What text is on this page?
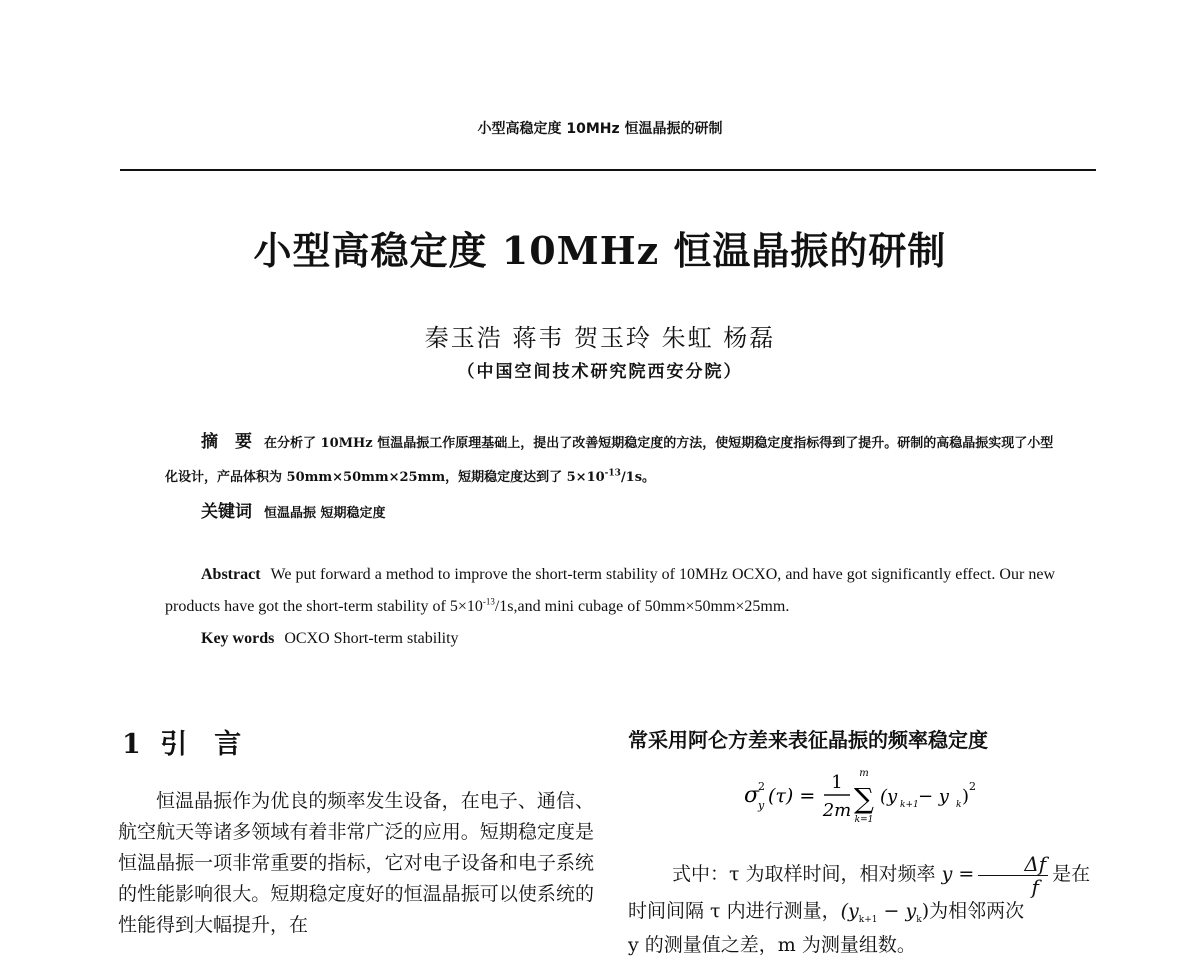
小型高稳定度 10MHz 恒温晶振的研制
小型高稳定度 10MHz 恒温晶振的研制
秦玉浩 蒋韦 贺玉玲 朱虹 杨磊
（中国空间技术研究院西安分院）
摘　要 在分析了 10MHz 恒温晶振工作原理基础上，提出了改善短期稳定度的方法，使短期稳定度指标得到了提升。研制的高稳晶振实现了小型化设计，产品体积为 50mm×50mm×25mm，短期稳定度达到了 $5\times 10^{-13}/1s$。
关键词 恒温晶振 短期稳定度
Abstract We put forward a method to improve the short-term stability of 10MHz OCXO, and have got significantly effect. Our new products have got the short-term stability of $5\times 10^{-13}/1s,and$ mini cubage of 50mm×50mm×25mm.
Key words OCXO Short-term stability
1 引　言
恒温晶振作为优良的频率发生设备，在电子、通信、航空航天等诸多领域有着非常广泛的应用。短期稳定度是恒温晶振一项非常重要的指标，它对电子设备和电子系统的性能影响很大。短期稳定度好的恒温晶振可以使系统的性能得到大幅提升，在
常采用阿仑方差来表征晶振的频率稳定度
σ
y
2 (τ) =
1
2m
m
∑
k=1
(y k+1 − y k ) 2
式中：τ 为取样时间，相对频率 $y = \frac{\Delta f}{f}$ 是在
时间间隔 τ 内进行测量，$(y_{k+1} - y_k)$为相邻两次
y 的测量值之差，m 为测量组数。
